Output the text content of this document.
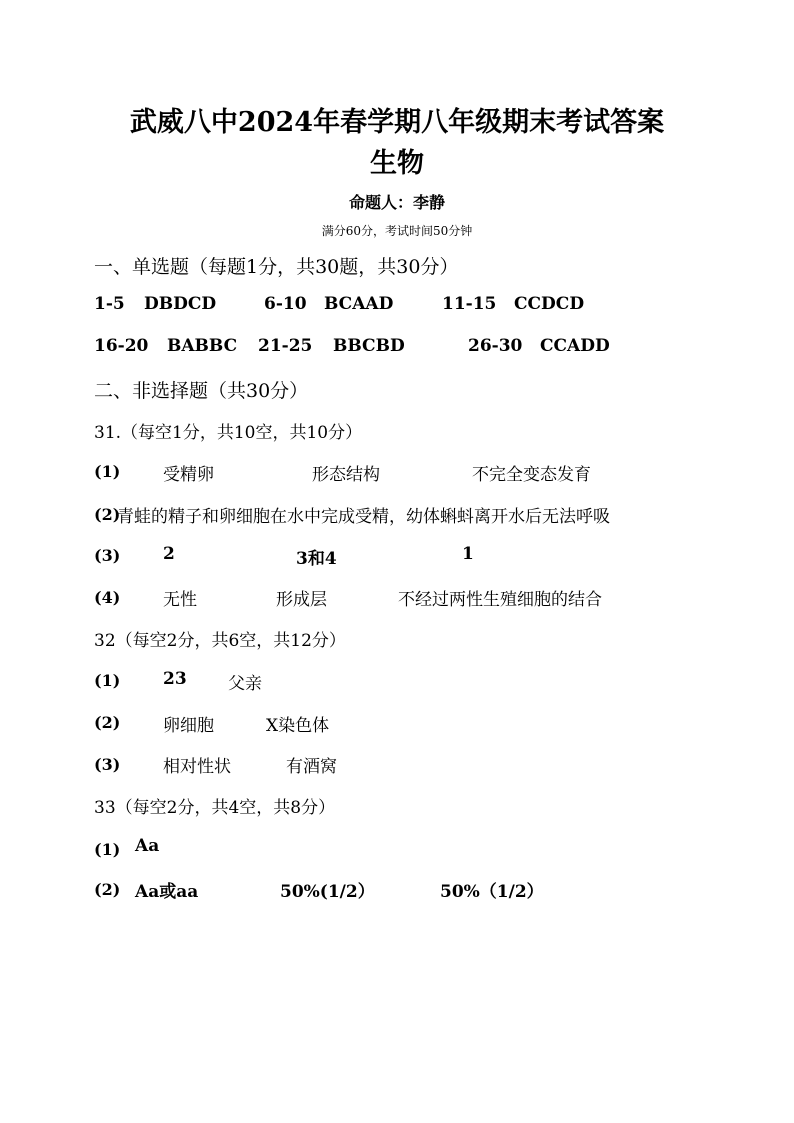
武威八中2024年春学期八年级期末考试答案
生物
命题人：李静
满分60分，考试时间50分钟
一、单选题（每题1分，共30题，共30分）
1-5 DBDCD	6-10 BCAAD	11-15 CCDCD
16-20 BABBC 21-25 BBCBD	26-30 CCADD
二、非选择题（共30分）
31.（每空1分，共10空，共10分）
(1)	受精卵	形态结构	不完全变态发育
(2)
青蛙的精子和卵细胞在水中完成受精，幼体蝌蚪离开水后无法呼吸
(3)	2	3和4	1
(4)	无性	形成层	不经过两性生殖细胞的结合
32（每空2分，共6空，共12分）
(1)	23 父亲
(2)	卵细胞	X染色体
(3)	相对性状	有酒窝
33（每空2分，共4空，共8分）
(1) Aa
(2) Aa或aa	50%(1/2）	50%（1/2）
